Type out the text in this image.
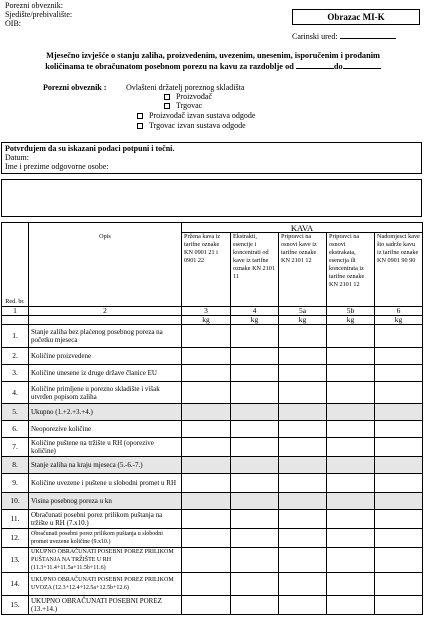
Porezni obveznik:
Sjedište/prebivalište:
OIB:
Obrazac MI-K
Carinski ured:
Mjesečno izvješće o stanju zaliha, proizvedenim, uvezenim, unesenim, isporučenim i prodanim
količinama te obračunatom posebnom porezu na kavu za razdoblje od	do
Porezni obveznik : Ovlašteni držatelj poreznog skladišta
Proizvođač
Trgovac
Proizvođač izvan sustava odgode
Trgovac izvan sustava odgode
Potvrđujem da su iskazani podaci potpuni i točni.
Datum:
Ime i prezime odgovorne osobe:
Red. br.	Opis	KAVA				
		Pržena kava iz tarifne oznake KN 0901 21 i 0901 22	Ekstrakti, esencije i koncentrati od kave iz tarifne oznake KN 2101 11	Pripravci na osnovi kave iz tarifne oznake KN 2101 12	Pripravci na osnovi ekstrakata, esencija ili koncentrata iz tarifne oznake KN 2101 12	Nadomjesci kave što sadrže kavu iz tarifne oznake KN 0901 90 90
1	2	3	4	5a	5b	6
		kg	kg	kg	kg	kg
1.	Stanje zaliha bez plaćenog posebnog poreza na početku mjeseca					
2.	Količine proizvedene					
3.	Količine unesene iz druge države članice EU					
4.	Količine primljene u porezno skladište i višak utvrđen popisom zaliha					
5.	Ukupno (1.+2.+3.+4.)					
6.	Neoporezive količine					
7.	Količine puštene na tržište u RH (oporezive količine)					
8.	Stanje zaliha na kraju mjeseca (5.-6.-7.)					
9.	Količine uvezene i puštene u slobodni promet u RH					
10.	Visina posebnog poreza u kn					
11.	Obračunati posebni porez prilikom puštanja na tržište u RH (7.x10.)					
12.	Obračunati posebni porez prilikom puštanja u slobodni promet uvezene količine (9.x10.)					
13.	UKUPNO OBRAČUNATI POSEBNI POREZ PRILIKOM PUŠTANJA NA TRŽIŠTE U RH (11.3+11.4+11.5a+11.5b+11.6)					
14.	UKUPNO OBRAČUNATI POSEBNI POREZ PRILIKOM UVOZA (12.3+12.4+12.5a+12.5b+12.6)					
15.	UKUPNO OBRAČUNATI POSEBNI POREZ (13.+14.)					
